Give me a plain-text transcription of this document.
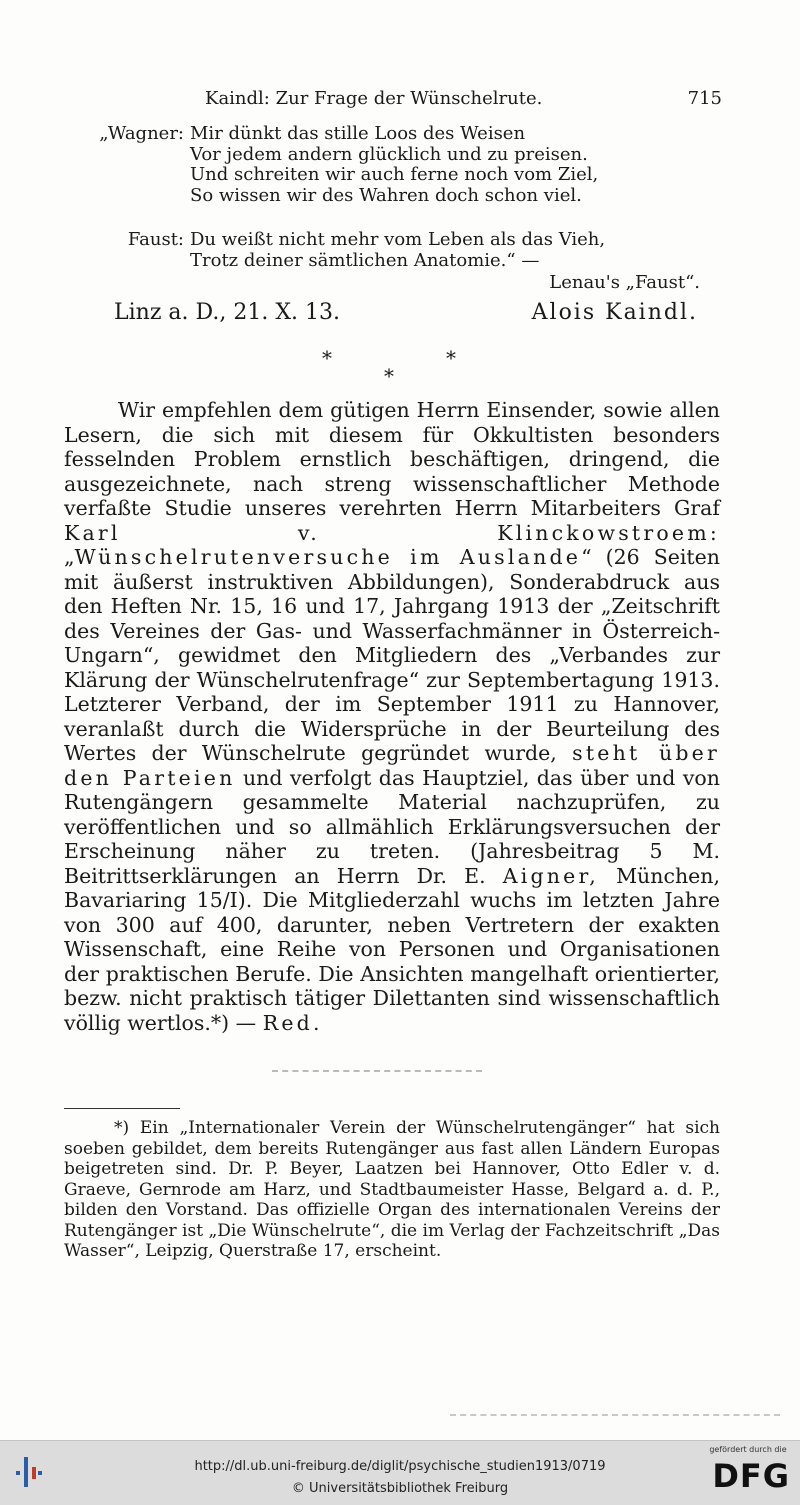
Kaindl: Zur Frage der Wünschelrute.	715
„Wagner: Mir dünkt das stille Loos des Weisen
Vor jedem andern glücklich und zu preisen.
Und schreiten wir auch ferne noch vom Ziel,
So wissen wir des Wahren doch schon viel.
Faust: Du weißt nicht mehr vom Leben als das Vieh,
Trotz deiner sämtlichen Anatomie.“ —
Lenau's „Faust“.
Linz a. D., 21. X. 13.	Alois Kaindl.
*	*
*
Wir empfehlen dem gütigen Herrn Einsender, sowie allen Lesern, die sich mit diesem für Okkultisten besonders fesselnden Problem ernstlich beschäftigen, dringend, die ausgezeichnete, nach streng wissenschaftlicher Methode verfaßte Studie unseres verehrten Herrn Mitarbeiters Graf Karl v. Klinckowstroem: „Wünschelrutenversuche im Auslande“ (26 Seiten mit äußerst instruktiven Abbildungen), Sonderabdruck aus den Heften Nr. 15, 16 und 17, Jahrgang 1913 der „Zeitschrift des Vereines der Gas- und Wasserfachmänner in Österreich-Ungarn“, gewidmet den Mitgliedern des „Verbandes zur Klärung der Wünschelrutenfrage“ zur Septembertagung 1913. Letzterer Verband, der im September 1911 zu Hannover, veranlaßt durch die Widersprüche in der Beurteilung des Wertes der Wünschelrute gegründet wurde, steht über den Parteien und verfolgt das Hauptziel, das über und von Rutengängern gesammelte Material nachzuprüfen, zu veröffentlichen und so allmählich Erklärungsversuchen der Erscheinung näher zu treten. (Jahresbeitrag 5 M. Beitrittserklärungen an Herrn Dr. E. Aigner, München, Bavariaring 15/I). Die Mitgliederzahl wuchs im letzten Jahre von 300 auf 400, darunter, neben Vertretern der exakten Wissenschaft, eine Reihe von Personen und Organisationen der praktischen Berufe. Die Ansichten mangelhaft orientierter, bezw. nicht praktisch tätiger Dilettanten sind wissenschaftlich völlig wertlos.*) — Red.
*) Ein „Internationaler Verein der Wünschelrutengänger“ hat sich soeben gebildet, dem bereits Rutengänger aus fast allen Ländern Europas beigetreten sind. Dr. P. Beyer, Laatzen bei Hannover, Otto Edler v. d. Graeve, Gernrode am Harz, und Stadtbaumeister Hasse, Belgard a. d. P., bilden den Vorstand. Das offizielle Organ des internationalen Vereins der Rutengänger ist „Die Wünschelrute“, die im Verlag der Fachzeitschrift „Das Wasser“, Leipzig, Querstraße 17, erscheint.
http://dl.ub.uni-freiburg.de/diglit/psychische_studien1913/0719
© Universitätsbibliothek Freiburg
gefördert durch die
DFG
